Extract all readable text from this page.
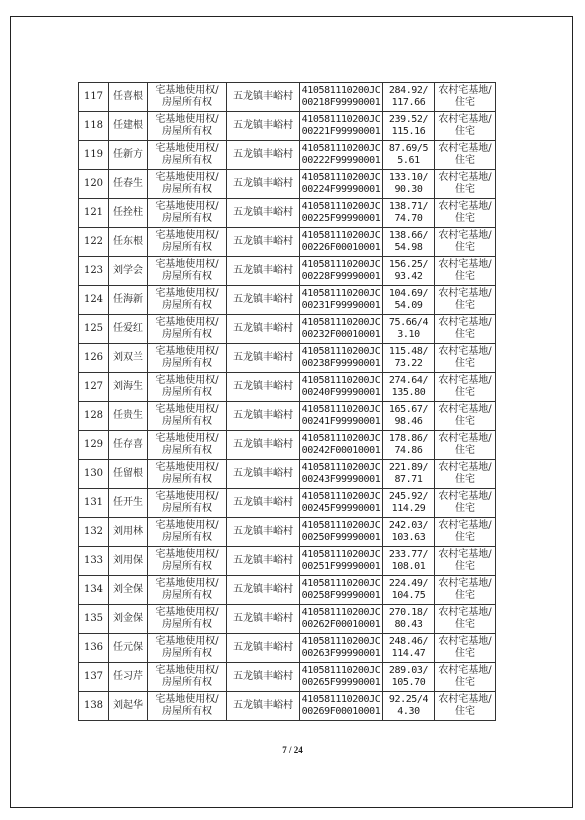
117	任喜根	宅基地使用权/
房屋所有权	五龙镇丰峪村	410581110200JC
00218F99990001	284.92/
117.66	农村宅基地/
住宅

118	任建根	宅基地使用权/
房屋所有权	五龙镇丰峪村	410581110200JC
00221F99990001	239.52/
115.16	农村宅基地/
住宅

119	任新方	宅基地使用权/
房屋所有权	五龙镇丰峪村	410581110200JC
00222F99990001	87.69/5
5.61	农村宅基地/
住宅

120	任春生	宅基地使用权/
房屋所有权	五龙镇丰峪村	410581110200JC
00224F99990001	133.10/
90.30	农村宅基地/
住宅

121	任拴柱	宅基地使用权/
房屋所有权	五龙镇丰峪村	410581110200JC
00225F99990001	138.71/
74.70	农村宅基地/
住宅

122	任东根	宅基地使用权/
房屋所有权	五龙镇丰峪村	410581110200JC
00226F00010001	138.66/
54.98	农村宅基地/
住宅

123	刘学会	宅基地使用权/
房屋所有权	五龙镇丰峪村	410581110200JC
00228F99990001	156.25/
93.42	农村宅基地/
住宅

124	任海新	宅基地使用权/
房屋所有权	五龙镇丰峪村	410581110200JC
00231F99990001	104.69/
54.09	农村宅基地/
住宅

125	任爱红	宅基地使用权/
房屋所有权	五龙镇丰峪村	410581110200JC
00232F00010001	75.66/4
3.10	农村宅基地/
住宅

126	刘双兰	宅基地使用权/
房屋所有权	五龙镇丰峪村	410581110200JC
00238F99990001	115.48/
73.22	农村宅基地/
住宅

127	刘海生	宅基地使用权/
房屋所有权	五龙镇丰峪村	410581110200JC
00240F99990001	274.64/
135.80	农村宅基地/
住宅

128	任贵生	宅基地使用权/
房屋所有权	五龙镇丰峪村	410581110200JC
00241F99990001	165.67/
98.46	农村宅基地/
住宅

129	任存喜	宅基地使用权/
房屋所有权	五龙镇丰峪村	410581110200JC
00242F00010001	178.86/
74.86	农村宅基地/
住宅

130	任留根	宅基地使用权/
房屋所有权	五龙镇丰峪村	410581110200JC
00243F99990001	221.89/
87.71	农村宅基地/
住宅

131	任开生	宅基地使用权/
房屋所有权	五龙镇丰峪村	410581110200JC
00245F99990001	245.92/
114.29	农村宅基地/
住宅

132	刘用林	宅基地使用权/
房屋所有权	五龙镇丰峪村	410581110200JC
00250F99990001	242.03/
103.63	农村宅基地/
住宅

133	刘用保	宅基地使用权/
房屋所有权	五龙镇丰峪村	410581110200JC
00251F99990001	233.77/
108.01	农村宅基地/
住宅

134	刘全保	宅基地使用权/
房屋所有权	五龙镇丰峪村	410581110200JC
00258F99990001	224.49/
104.75	农村宅基地/
住宅

135	刘金保	宅基地使用权/
房屋所有权	五龙镇丰峪村	410581110200JC
00262F00010001	270.18/
80.43	农村宅基地/
住宅

136	任元保	宅基地使用权/
房屋所有权	五龙镇丰峪村	410581110200JC
00263F99990001	248.46/
114.47	农村宅基地/
住宅

137	任习芹	宅基地使用权/
房屋所有权	五龙镇丰峪村	410581110200JC
00265F99990001	289.03/
105.70	农村宅基地/
住宅

138	刘起华	宅基地使用权/
房屋所有权	五龙镇丰峪村	410581110200JC
00269F00010001	92.25/4
4.30	农村宅基地/
住宅
7 / 24
